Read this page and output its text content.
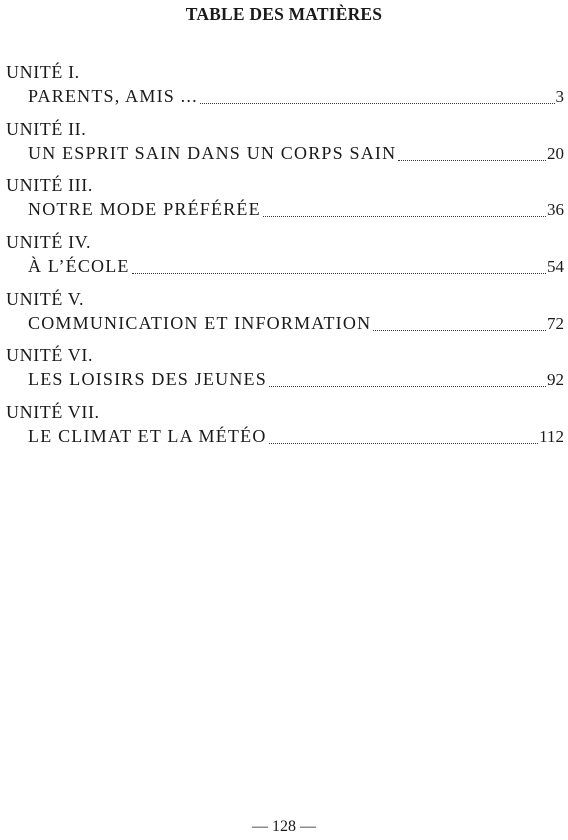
TABLE DES MATIÈRES
UNITÉ I.
PARENTS, AMIS ...	3
UNITÉ II.
UN ESPRIT SAIN DANS UN CORPS SAIN	20
UNITÉ III.
NOTRE MODE PRÉFÉRÉE	36
UNITÉ IV.
À L’ÉCOLE	54
UNITÉ V.
COMMUNICATION ET INFORMATION	72
UNITÉ VI.
LES LOISIRS DES JEUNES	92
UNITÉ VII.
LE CLIMAT ET LA MÉTÉO	112
— 128 —
